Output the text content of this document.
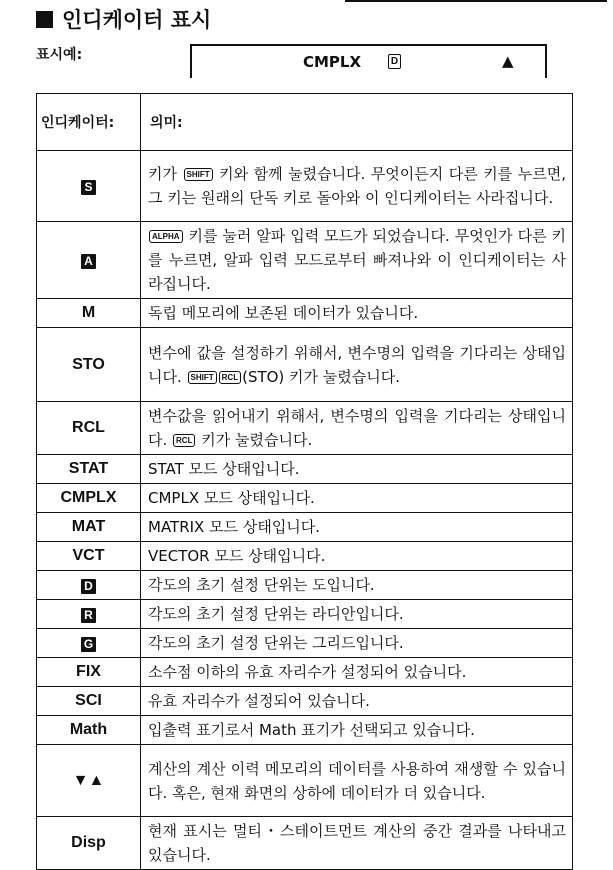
인디케이터 표시
표시예:	CMPLX	D	▲
인디케이터:	의미:
S	키가 SHIFT 키와 함께 눌렸습니다. 무엇이든지 다른 키를 누르면, 그 키는 원래의 단독 키로 돌아와 이 인디케이터는 사라집니다.
A	ALPHA 키를 눌러 알파 입력 모드가 되었습니다. 무엇인가 다른 키를 누르면, 알파 입력 모드로부터 빠져나와 이 인디케이터는 사라집니다.
M	독립 메모리에 보존된 데이터가 있습니다.
STO	변수에 값을 설정하기 위해서, 변수명의 입력을 기다리는 상태입니다. SHIFT RCL (STO) 키가 눌렸습니다.
RCL	변수값을 읽어내기 위해서, 변수명의 입력을 기다리는 상태입니다. RCL 키가 눌렸습니다.
STAT	STAT 모드 상태입니다.
CMPLX	CMPLX 모드 상태입니다.
MAT	MATRIX 모드 상태입니다.
VCT	VECTOR 모드 상태입니다.
D	각도의 초기 설정 단위는 도입니다.
R	각도의 초기 설정 단위는 라디안입니다.
G	각도의 초기 설정 단위는 그리드입니다.
FIX	소수점 이하의 유효 자리수가 설정되어 있습니다.
SCI	유효 자리수가 설정되어 있습니다.
Math	입출력 표기로서 Math 표기가 선택되고 있습니다.
▼▲	계산의 계산 이력 메모리의 데이터를 사용하여 재생할 수 있습니다. 혹은, 현재 화면의 상하에 데이터가 더 있습니다.
Disp	현재 표시는 멀티・스테이트먼트 계산의 중간 결과를 나타내고 있습니다.
